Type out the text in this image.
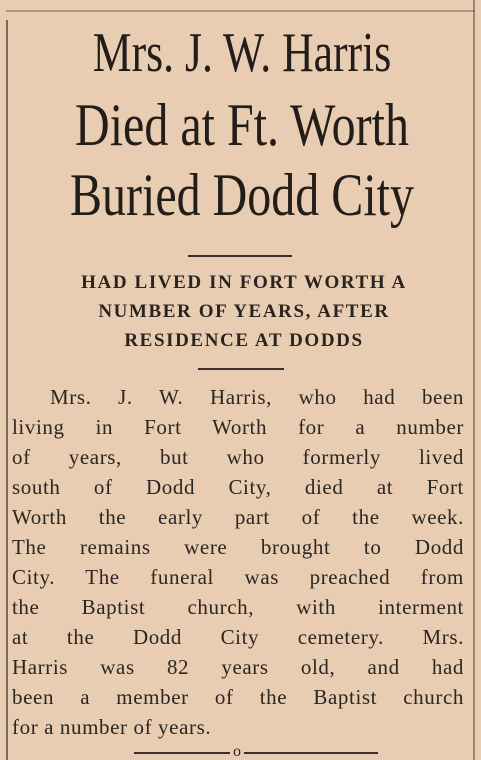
Mrs. J. W. Harris
Died at Ft. Worth
Buried Dodd City
HAD LIVED IN FORT WORTH A
NUMBER OF YEARS, AFTER
RESIDENCE AT DODDS
Mrs. J. W. Harris, who had been
living in Fort Worth for a number
of years, but who formerly lived
south of Dodd City, died at Fort
Worth the early part of the week.
The remains were brought to Dodd
City. The funeral was preached from
the Baptist church, with interment
at the Dodd City cemetery. Mrs.
Harris was 82 years old, and had
been a member of the Baptist church
for a number of years.
o
